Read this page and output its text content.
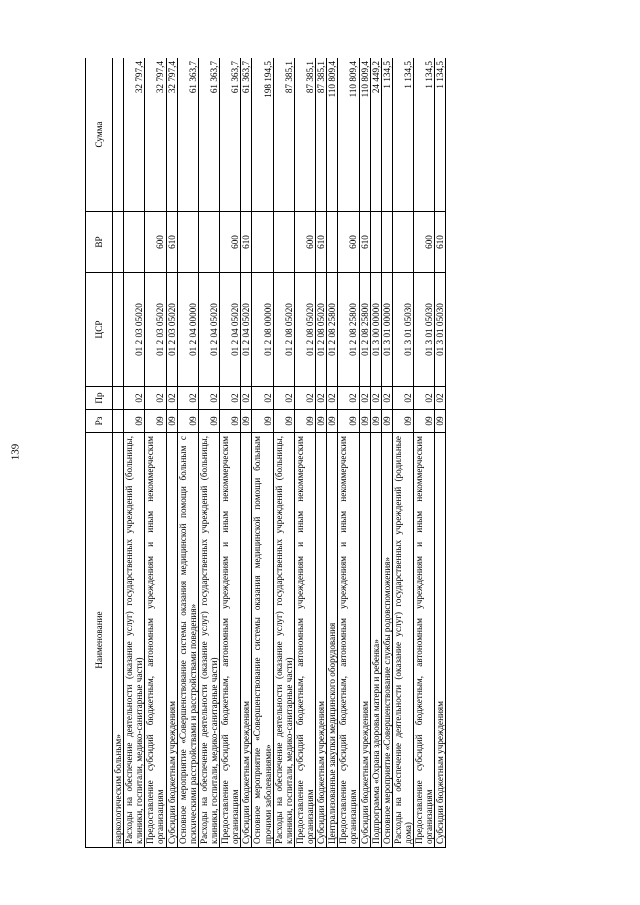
139
Наименование	Рз	Пр	ЦСР	ВР	Сумма
наркологическим больным»					
Расходы на обеспечение деятельности (оказание услуг) государственных учреждений (больницы, клиники, госпитали, медико-санитарные части)	09	02	01 2 03 05020		32 797,4
Предоставление субсидий бюджетным, автономным учреждениям и иным некоммерческим организациям	09	02	01 2 03 05020	600	32 797,4
Субсидии бюджетным учреждениям	09	02	01 2 03 05020	610	32 797,4
Основное мероприятие «Совершенствование системы оказания медицинской помощи больным с психическими расстройствами и расстройствами поведения»	09	02	01 2 04 00000		61 363,7
Расходы на обеспечение деятельности (оказание услуг) государственных учреждений (больницы, клиники, госпитали, медико-санитарные части)	09	02	01 2 04 05020		61 363,7
Предоставление субсидий бюджетным, автономным учреждениям и иным некоммерческим организациям	09	02	01 2 04 05020	600	61 363,7
Субсидии бюджетным учреждениям	09	02	01 2 04 05020	610	61 363,7
Основное мероприятие «Совершенствование системы оказания медицинской помощи больным прочими заболеваниями»	09	02	01 2 08 00000		198 194,5
Расходы на обеспечение деятельности (оказание услуг) государственных учреждений (больницы, клиники, госпитали, медико-санитарные части)	09	02	01 2 08 05020		87 385,1
Предоставление субсидий бюджетным, автономным учреждениям и иным некоммерческим организациям	09	02	01 2 08 05020	600	87 385,1
Субсидии бюджетным учреждениям	09	02	01 2 08 05020	610	87 385,1
Централизованные закупки медицинского оборудования	09	02	01 2 08 25800		110 809,4
Предоставление субсидий бюджетным, автономным учреждениям и иным некоммерческим организациям	09	02	01 2 08 25800	600	110 809,4
Субсидии бюджетным учреждениям	09	02	01 2 08 25800	610	110 809,4
Подпрограмма «Охрана здоровья матери и ребенка»	09	02	01 3 00 00000		24 449,2
Основное мероприятие «Совершенствование службы родовспоможения»	09	02	01 3 01 00000		1 134,5
Расходы на обеспечение деятельности (оказание услуг) государственных учреждений (родильные дома)	09	02	01 3 01 05030		1 134,5
Предоставление субсидий бюджетным, автономным учреждениям и иным некоммерческим организациям	09	02	01 3 01 05030	600	1 134,5
Субсидии бюджетным учреждениям	09	02	01 3 01 05030	610	1 134,5
